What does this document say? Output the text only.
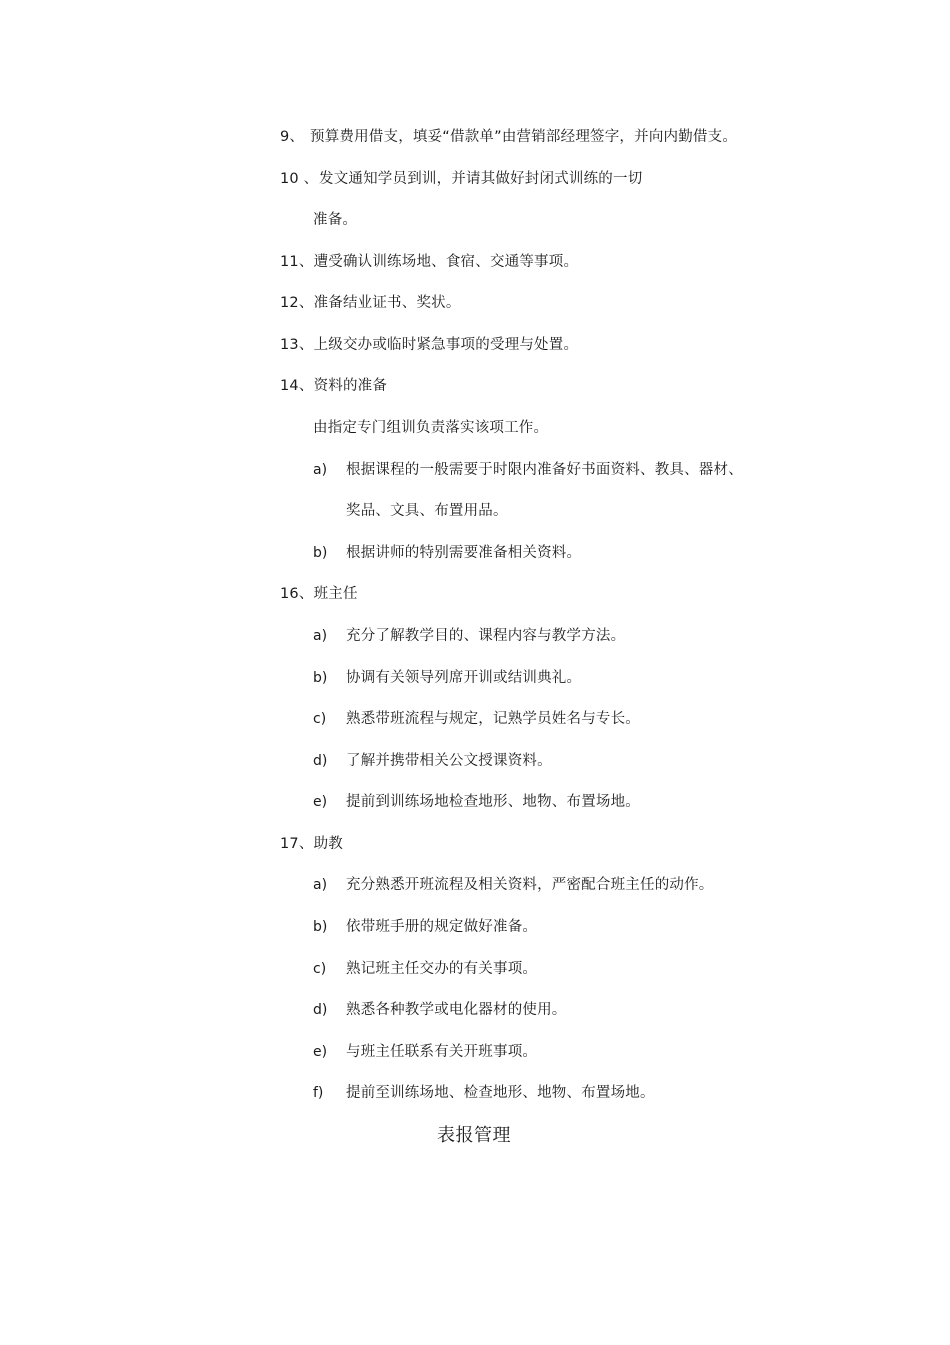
9、 预算费用借支，填妥“借款单”由营销部经理签字，并向内勤借支。
10 、发文通知学员到训，并请其做好封闭式训练的一切
准备。
11、遭受确认训练场地、食宿、交通等事项。
12、准备结业证书、奖状。
13、上级交办或临时紧急事项的受理与处置。
14、资料的准备
由指定专门组训负责落实该项工作。
a) 根据课程的一般需要于时限内准备好书面资料、教具、器材、
奖品、文具、布置用品。
b) 根据讲师的特别需要准备相关资料。
16、班主任
a) 充分了解教学目的、课程内容与教学方法。
b) 协调有关领导列席开训或结训典礼。
c) 熟悉带班流程与规定，记熟学员姓名与专长。
d) 了解并携带相关公文授课资料。
e) 提前到训练场地检查地形、地物、布置场地。
17、助教
a) 充分熟悉开班流程及相关资料，严密配合班主任的动作。
b) 依带班手册的规定做好准备。
c) 熟记班主任交办的有关事项。
d) 熟悉各种教学或电化器材的使用。
e) 与班主任联系有关开班事项。
f) 提前至训练场地、检查地形、地物、布置场地。
表报管理
